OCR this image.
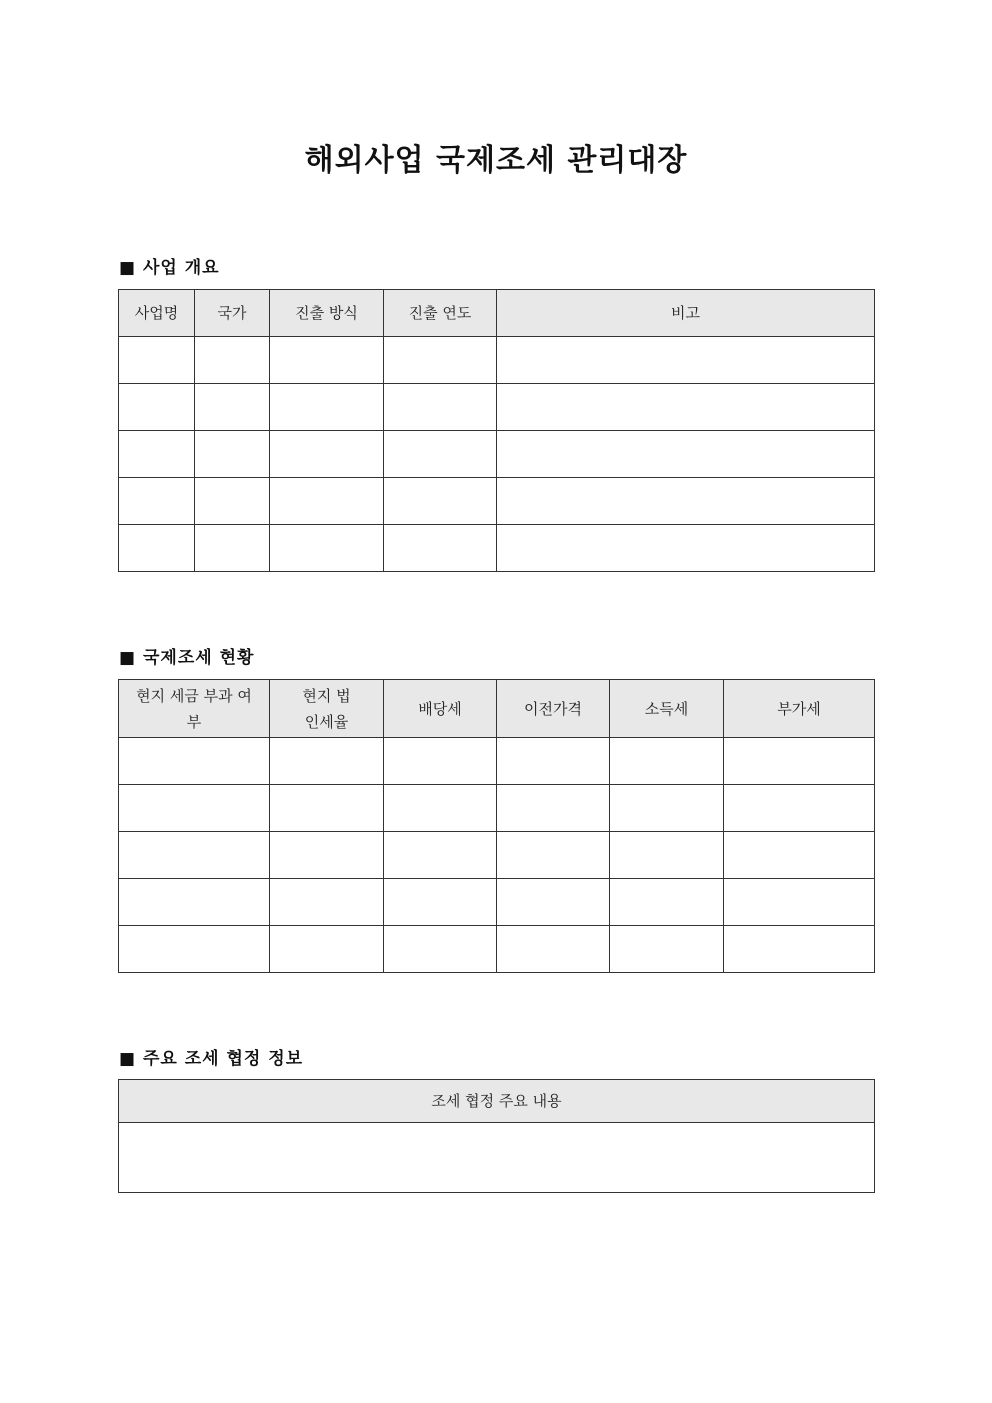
해외사업 국제조세 관리대장
■ 사업 개요
사업명	국가	진출 방식	진출 연도	비고

■ 국제조세 현황
현지 세금 부과 여부	현지 법인세율	배당세	이전가격	소득세	부가세

■ 주요 조세 협정 정보
조세 협정 주요 내용
